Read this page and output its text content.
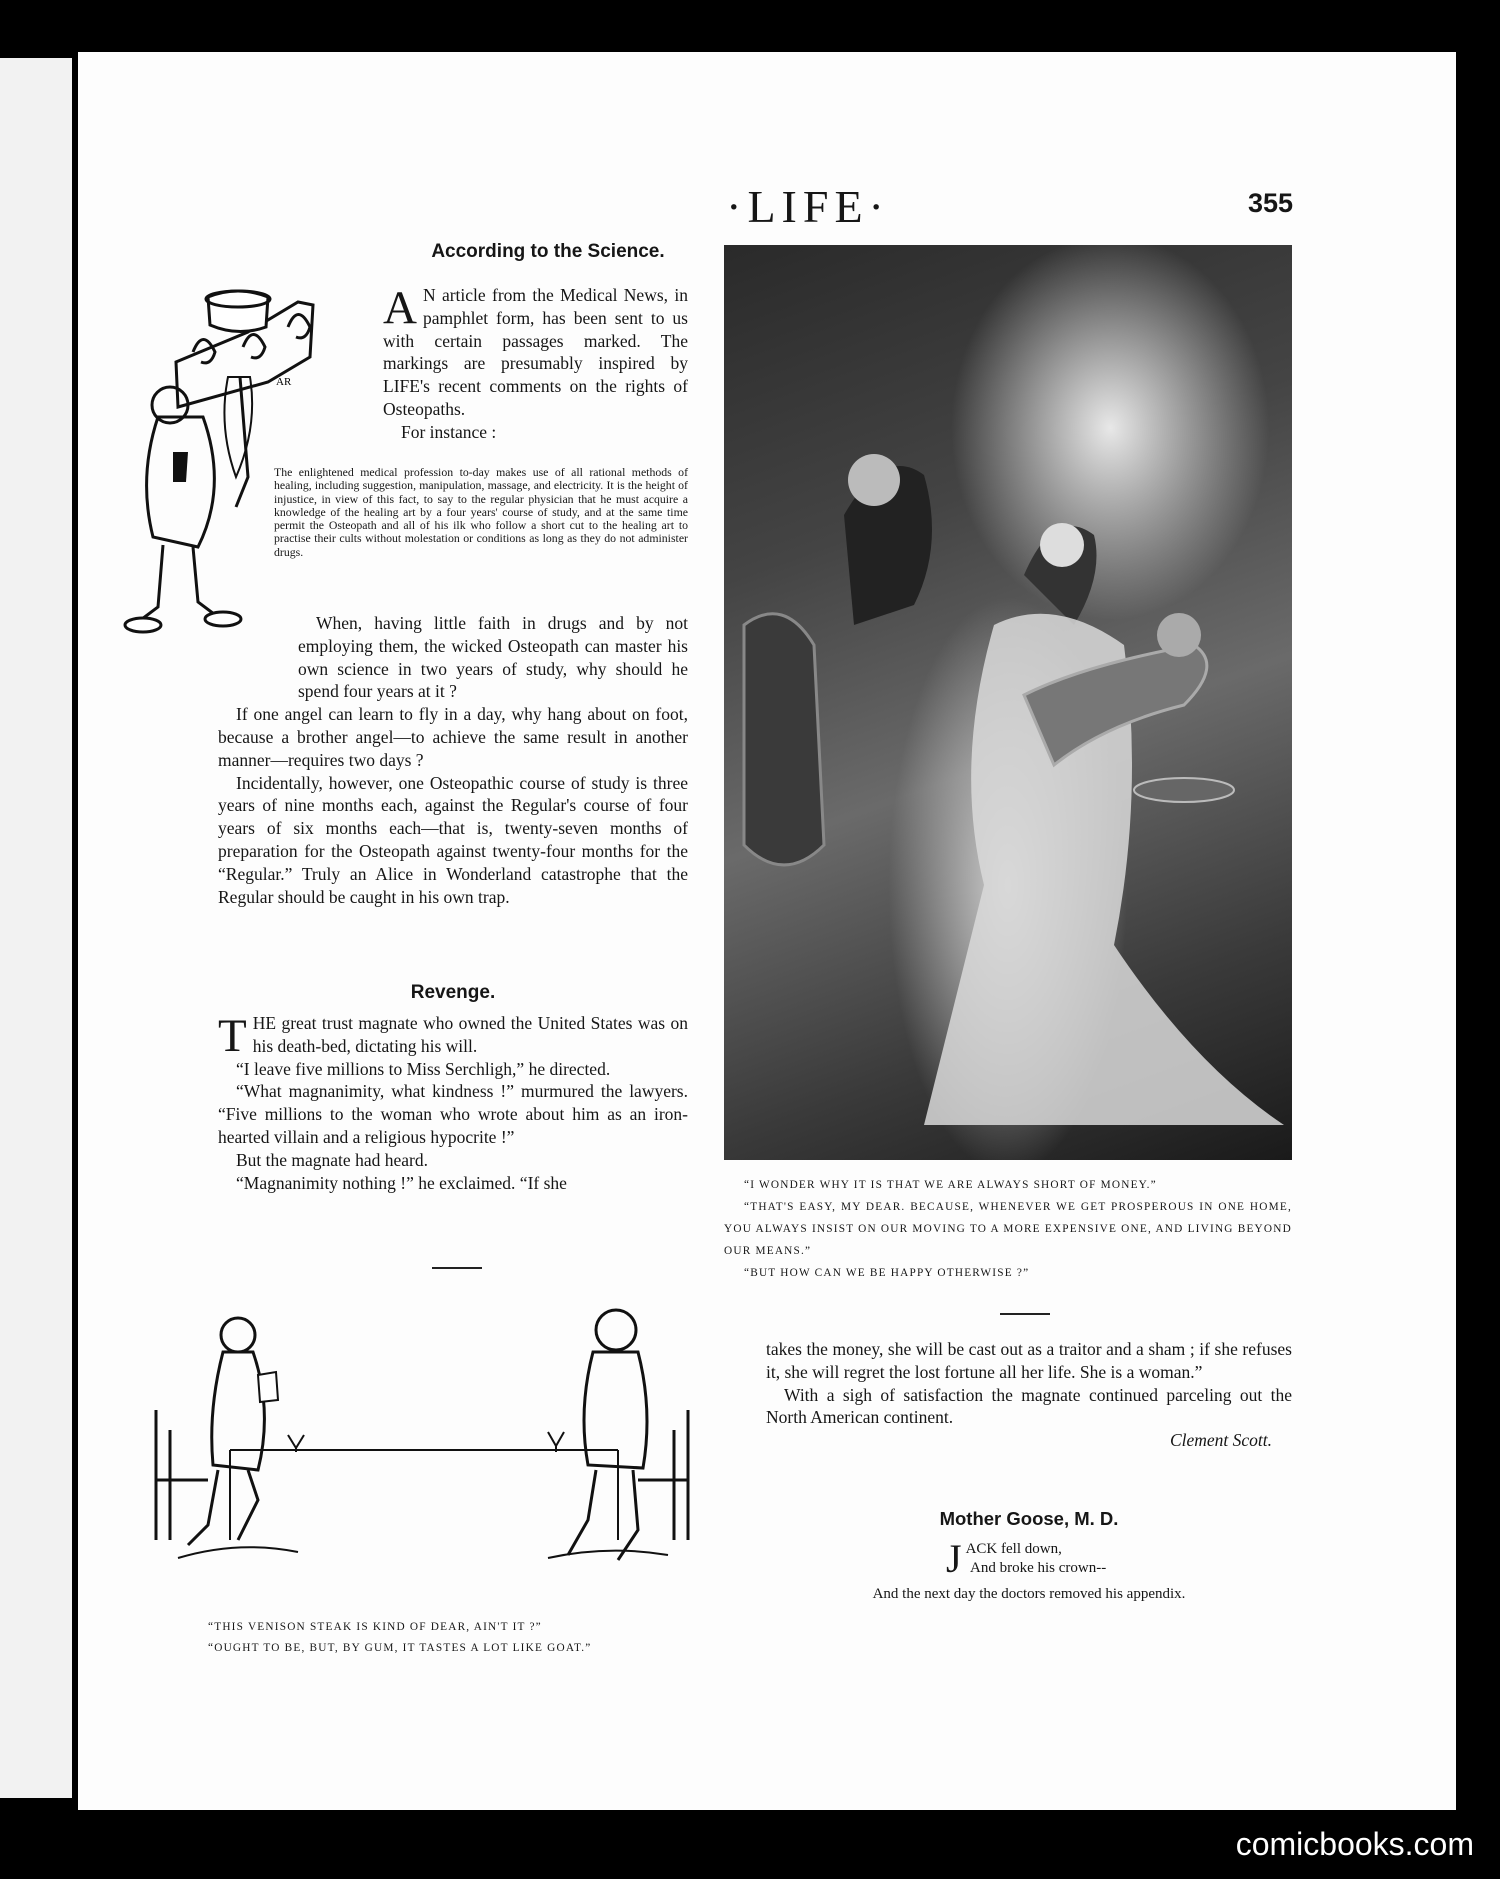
·LIFE·	355
According to the Science.
AR
A N article from the Medical News, in pamphlet form, has been sent to us with certain passages marked. The markings are presumably inspired by LIFE's recent comments on the rights of Osteopaths.

For instance :

The enlightened medical profession to-day makes use of all rational methods of healing, including suggestion, manipulation, massage, and electricity. It is the height of injustice, in view of this fact, to say to the regular physician that he must acquire a knowledge of the healing art by a four years' course of study, and at the same time permit the Osteopath and all of his ilk who follow a short cut to the healing art to practise their cults without molestation or conditions as long as they do not administer drugs.

When, having little faith in drugs and by not employing them, the wicked Osteopath can master his own science in two years of study, why should he spend four years at it ?

If one angel can learn to fly in a day, why hang about on foot, because a brother angel—to achieve the same result in another manner—requires two days ?

Incidentally, however, one Osteopathic course of study is three years of nine months each, against the Regular's course of four years of six months each—that is, twenty-seven months of preparation for the Osteopath against twenty-four months for the “Regular.” Truly an Alice in Wonderland catastrophe that the Regular should be caught in his own trap.

Revenge.
T HE great trust magnate who owned the United States was on his death-bed, dictating his will.

“I leave five millions to Miss Serchligh,” he directed.

“What magnanimity, what kindness !” murmured the lawyers. “Five millions to the woman who wrote about him as an iron-hearted villain and a religious hypocrite !”

But the magnate had heard.

“Magnanimity nothing !” he exclaimed. “If she	“I WONDER WHY IT IS THAT WE ARE ALWAYS SHORT OF MONEY.”
“THAT'S EASY, MY DEAR. BECAUSE, WHENEVER WE GET PROSPEROUS IN ONE HOME, YOU ALWAYS INSIST ON OUR MOVING TO A MORE EXPENSIVE ONE, AND LIVING BEYOND OUR MEANS.”
“BUT HOW CAN WE BE HAPPY OTHERWISE ?”
“THIS VENISON STEAK IS KIND OF DEAR, AIN'T IT ?”
“OUGHT TO BE, BUT, BY GUM, IT TASTES A LOT LIKE GOAT.”

takes the money, she will be cast out as a traitor and a sham ; if she refuses it, she will regret the lost fortune all her life. She is a woman.”

With a sigh of satisfaction the magnate continued parceling out the North American continent.

Clement Scott.

Mother Goose, M. D.
J ACK fell down,
And broke his crown--
And the next day the doctors removed his appendix.
comicbooks.com
